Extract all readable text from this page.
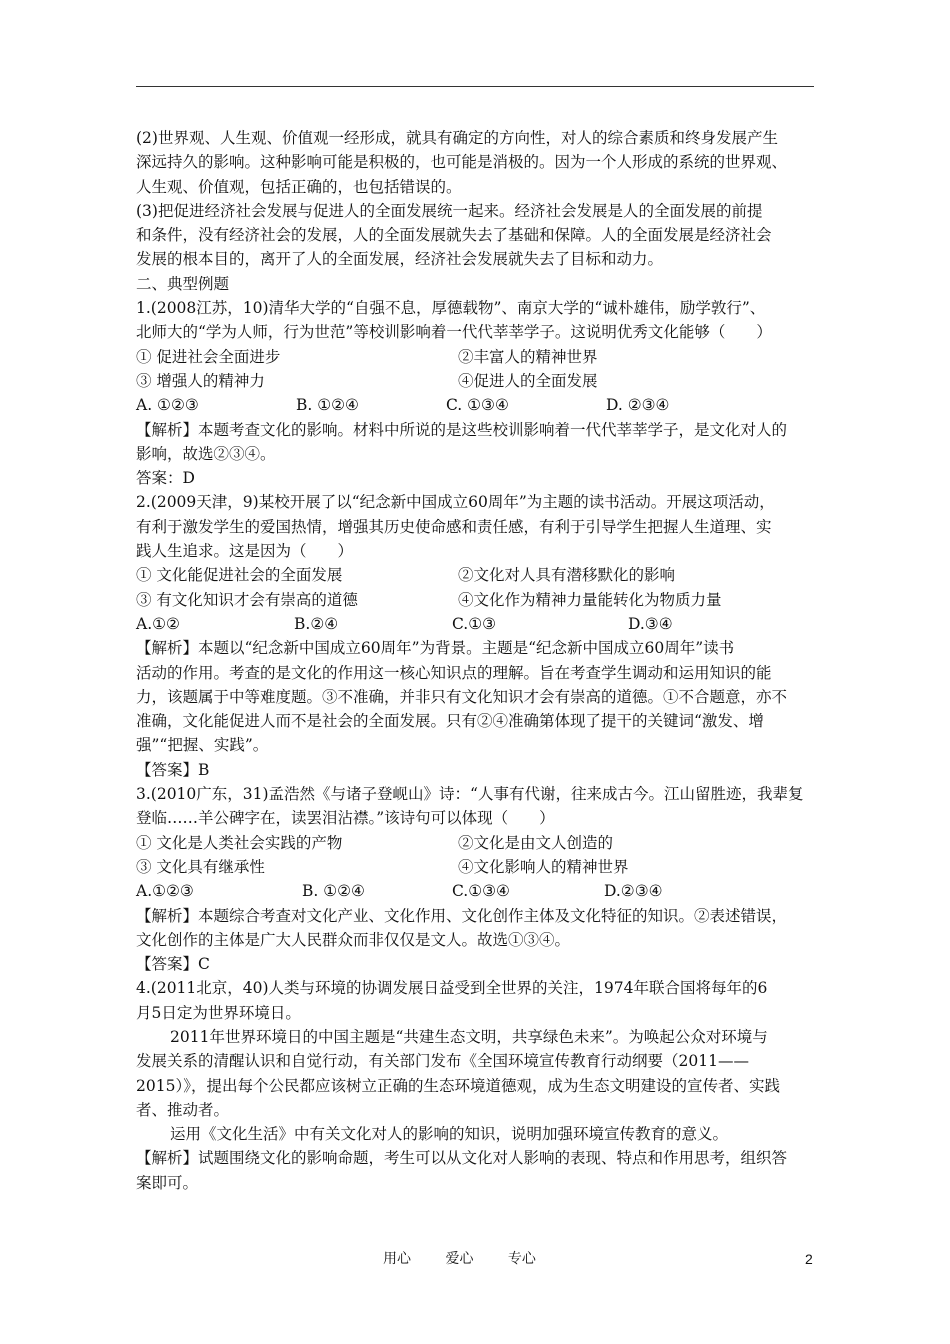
(2)世界观、人生观、价值观一经形成，就具有确定的方向性，对人的综合素质和终身发展产生
深远持久的影响。这种影响可能是积极的，也可能是消极的。因为一个人形成的系统的世界观、
人生观、价值观，包括正确的，也包括错误的。
(3)把促进经济社会发展与促进人的全面发展统一起来。经济社会发展是人的全面发展的前提
和条件，没有经济社会的发展，人的全面发展就失去了基础和保障。人的全面发展是经济社会
发展的根本目的，离开了人的全面发展，经济社会发展就失去了目标和动力。
二、典型例题
1.(2008江苏，10)清华大学的“自强不息，厚德载物”、南京大学的“诚朴雄伟，励学敦行”、
北师大的“学为人师，行为世范”等校训影响着一代代莘莘学子。这说明优秀文化能够（　　）
① 促进社会全面进步	②丰富人的精神世界
③ 增强人的精神力	④促进人的全面发展
A. ①②③	B. ①②④	C. ①③④	D. ②③④
【解析】本题考查文化的影响。材料中所说的是这些校训影响着一代代莘莘学子，是文化对人的
影响，故选②③④。
答案：D
2.(2009天津，9)某校开展了以“纪念新中国成立60周年”为主题的读书活动。开展这项活动，
有利于激发学生的爱国热情，增强其历史使命感和责任感，有利于引导学生把握人生道理、实
践人生追求。这是因为（　　）
① 文化能促进社会的全面发展	②文化对人具有潜移默化的影响
③ 有文化知识才会有崇高的道德	④文化作为精神力量能转化为物质力量
A.①②	B.②④	C.①③	D.③④
【解析】本题以“纪念新中国成立60周年”为背景。主题是“纪念新中国成立60周年”读书
活动的作用。考查的是文化的作用这一核心知识点的理解。旨在考查学生调动和运用知识的能
力，该题属于中等难度题。③不准确，并非只有文化知识才会有崇高的道德。①不合题意，亦不
准确，文化能促进人而不是社会的全面发展。只有②④准确第体现了提干的关键词“激发、增
强”“把握、实践”。
【答案】B
3.(2010广东，31)孟浩然《与诸子登岘山》诗：“人事有代谢，往来成古今。江山留胜迹，我辈复
登临……羊公碑字在，读罢泪沾襟。”该诗句可以体现（　　）
① 文化是人类社会实践的产物	②文化是由文人创造的
③ 文化具有继承性	④文化影响人的精神世界
A.①②③	B. ①②④	C.①③④	D.②③④
【解析】本题综合考查对文化产业、文化作用、文化创作主体及文化特征的知识。②表述错误，
文化创作的主体是广大人民群众而非仅仅是文人。故选①③④。
【答案】C
4.(2011北京，40)人类与环境的协调发展日益受到全世界的关注，1974年联合国将每年的6
月5日定为世界环境日。
2011年世界环境日的中国主题是“共建生态文明，共享绿色未来”。为唤起公众对环境与
发展关系的清醒认识和自觉行动，有关部门发布《全国环境宣传教育行动纲要（2011——
2015）》，提出每个公民都应该树立正确的生态环境道德观，成为生态文明建设的宣传者、实践
者、推动者。
运用《文化生活》中有关文化对人的影响的知识，说明加强环境宣传教育的意义。
【解析】试题围绕文化的影响命题，考生可以从文化对人影响的表现、特点和作用思考，组织答
案即可。
用心 爱心 专心	2
